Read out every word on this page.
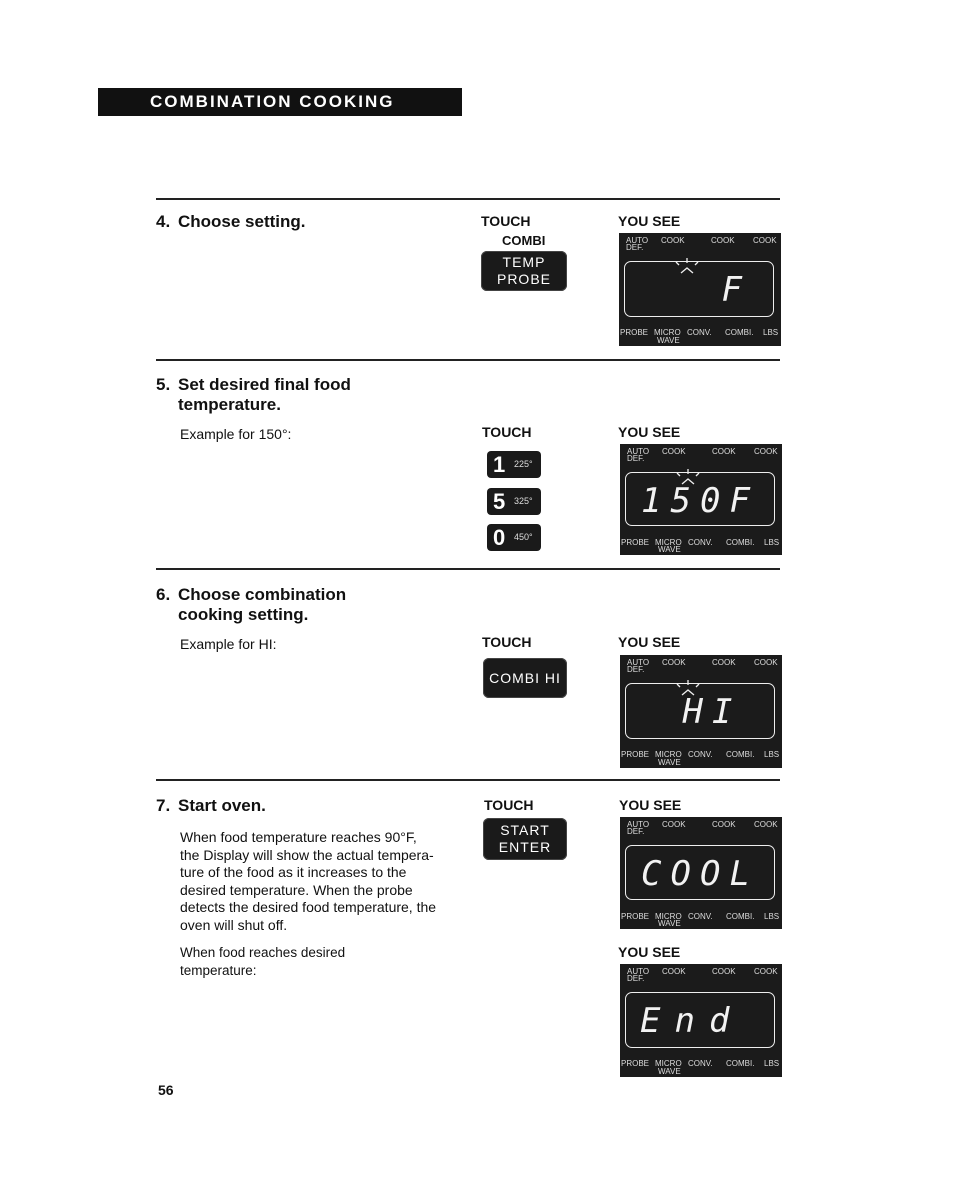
COMBINATION COOKING
4. Choose setting.	TOUCH
COMBI
TEMP
PROBE
YOU SEE
AUTO
DEF.
COOK	COOK COOK
F
PROBE MICRO
WAVE
CONV. COMBI. LBS
5. Set desired final food
temperature.
Example for 150°:	TOUCH
1 225°
5 325°
0 450°
YOU SEE
AUTO
DEF.
COOK	COOK COOK
150F
PROBE MICRO
WAVE
CONV. COMBI. LBS
6. Choose combination
cooking setting.
Example for HI:	TOUCH
COMBI HI
YOU SEE
AUTO
DEF.
COOK	COOK COOK
HI
PROBE MICRO
WAVE
CONV. COMBI. LBS
7. Start oven.
When food temperature reaches 90°F,
the Display will show the actual tempera-
ture of the food as it increases to the
desired temperature. When the probe
detects the desired food temperature, the
oven will shut off.
When food reaches desired
temperature:
TOUCH
START
ENTER
YOU SEE
AUTO
DEF.
COOK	COOK COOK
COOL
PROBE MICRO
WAVE
CONV. COMBI. LBS
YOU SEE
AUTO
DEF.
COOK	COOK COOK
End
PROBE MICRO
WAVE
CONV. COMBI. LBS
56
